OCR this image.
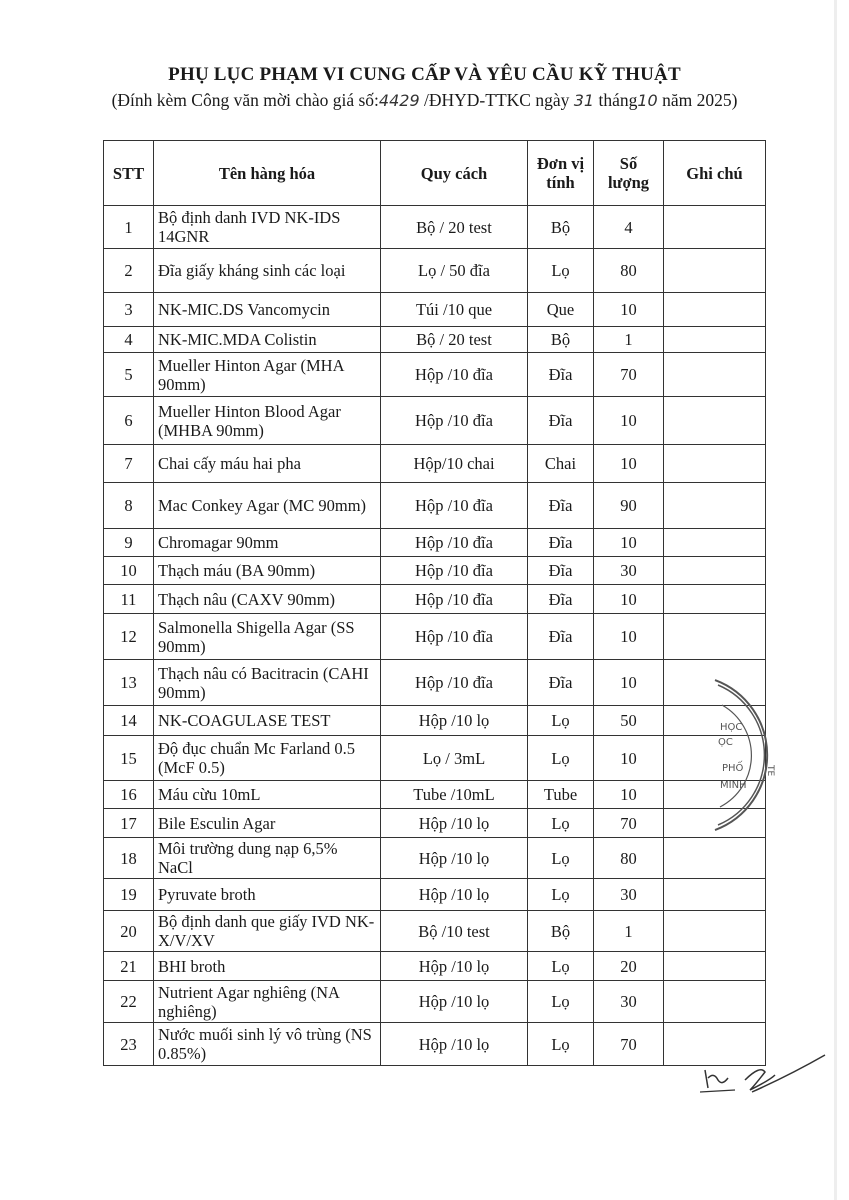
PHỤ LỤC PHẠM VI CUNG CẤP VÀ YÊU CẦU KỸ THUẬT
(Đính kèm Công văn mời chào giá số:4429 /ĐHYD-TTKC ngày 31 tháng10 năm 2025)
STT	Tên hàng hóa	Quy cách	Đơn vị tính	Số lượng	Ghi chú
1	Bộ định danh IVD NK-IDS 14GNR	Bộ / 20 test	Bộ	4	
2	Đĩa giấy kháng sinh các loại	Lọ / 50 đĩa	Lọ	80	
3	NK-MIC.DS Vancomycin	Túi /10 que	Que	10	
4	NK-MIC.MDA Colistin	Bộ / 20 test	Bộ	1	
5	Mueller Hinton Agar (MHA 90mm)	Hộp /10 đĩa	Đĩa	70	
6	Mueller Hinton Blood Agar (MHBA 90mm)	Hộp /10 đĩa	Đĩa	10	
7	Chai cấy máu hai pha	Hộp/10 chai	Chai	10	
8	Mac Conkey Agar (MC 90mm)	Hộp /10 đĩa	Đĩa	90	
9	Chromagar 90mm	Hộp /10 đĩa	Đĩa	10	
10	Thạch máu (BA 90mm)	Hộp /10 đĩa	Đĩa	30	
11	Thạch nâu (CAXV 90mm)	Hộp /10 đĩa	Đĩa	10	
12	Salmonella Shigella Agar (SS 90mm)	Hộp /10 đĩa	Đĩa	10	
13	Thạch nâu có Bacitracin (CAHI 90mm)	Hộp /10 đĩa	Đĩa	10	
14	NK-COAGULASE TEST	Hộp /10 lọ	Lọ	50	
15	Độ đục chuẩn Mc Farland 0.5 (McF 0.5)	Lọ / 3mL	Lọ	10	
16	Máu cừu 10mL	Tube /10mL	Tube	10	
17	Bile Esculin Agar	Hộp /10 lọ	Lọ	70	
18	Môi trường dung nạp 6,5% NaCl	Hộp /10 lọ	Lọ	80	
19	Pyruvate broth	Hộp /10 lọ	Lọ	30	
20	Bộ định danh que giấy IVD NK-X/V/XV	Bộ /10 test	Bộ	1	
21	BHI broth	Hộp /10 lọ	Lọ	20	
22	Nutrient Agar nghiêng (NA nghiêng)	Hộp /10 lọ	Lọ	30	
23	Nước muối sinh lý vô trùng (NS 0.85%)	Hộp /10 lọ	Lọ	70	
HỌC
ỌC
PHỐ
MINH
TE
